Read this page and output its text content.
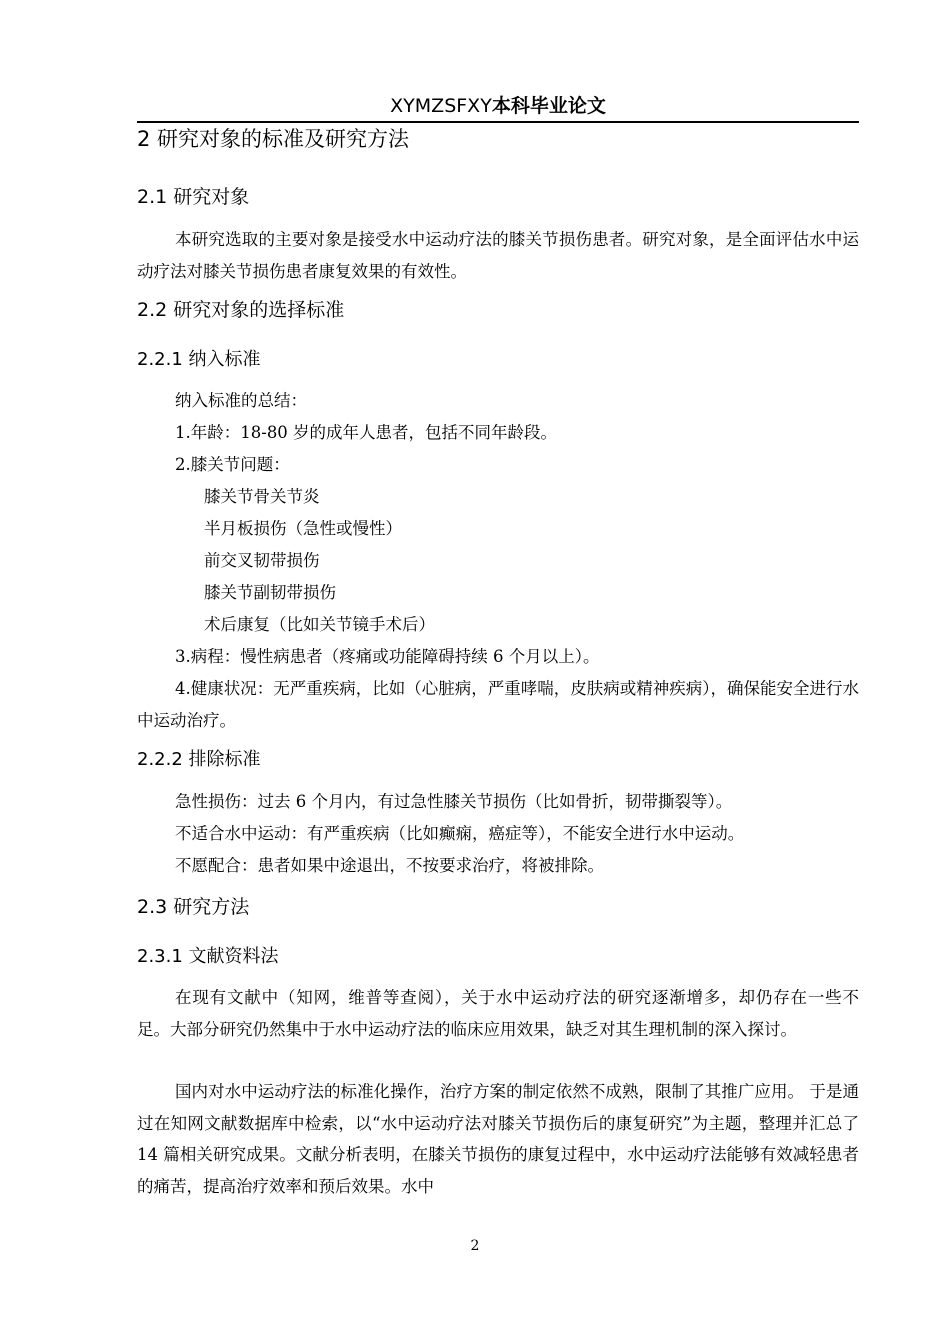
XYMZSFXY本科毕业论文
2 研究对象的标准及研究方法
2.1 研究对象
本研究选取的主要对象是接受水中运动疗法的膝关节损伤患者。研究对象，是全面评估水中运动疗法对膝关节损伤患者康复效果的有效性。
2.2 研究对象的选择标准
2.2.1 纳入标准
纳入标准的总结：
1.年龄：18-80 岁的成年人患者，包括不同年龄段。
2.膝关节问题：
膝关节骨关节炎
半月板损伤（急性或慢性）
前交叉韧带损伤
膝关节副韧带损伤
术后康复（比如关节镜手术后）
3.病程：慢性病患者（疼痛或功能障碍持续 6 个月以上）。
4.健康状况：无严重疾病，比如（心脏病，严重哮喘，皮肤病或精神疾病），确保能安全进行水中运动治疗。
2.2.2 排除标准
急性损伤：过去 6 个月内，有过急性膝关节损伤（比如骨折，韧带撕裂等）。
不适合水中运动：有严重疾病（比如癫痫，癌症等），不能安全进行水中运动。
不愿配合：患者如果中途退出，不按要求治疗，将被排除。
2.3 研究方法
2.3.1 文献资料法
在现有文献中（知网，维普等查阅），关于水中运动疗法的研究逐渐增多，却仍存在一些不足。大部分研究仍然集中于水中运动疗法的临床应用效果，缺乏对其生理机制的深入探讨。
国内对水中运动疗法的标准化操作，治疗方案的制定依然不成熟，限制了其推广应用。 于是通过在知网文献数据库中检索，以“水中运动疗法对膝关节损伤后的康复研究”为主题，整理并汇总了 14 篇相关研究成果。文献分析表明，在膝关节损伤的康复过程中，水中运动疗法能够有效减轻患者的痛苦，提高治疗效率和预后效果。水中
2
